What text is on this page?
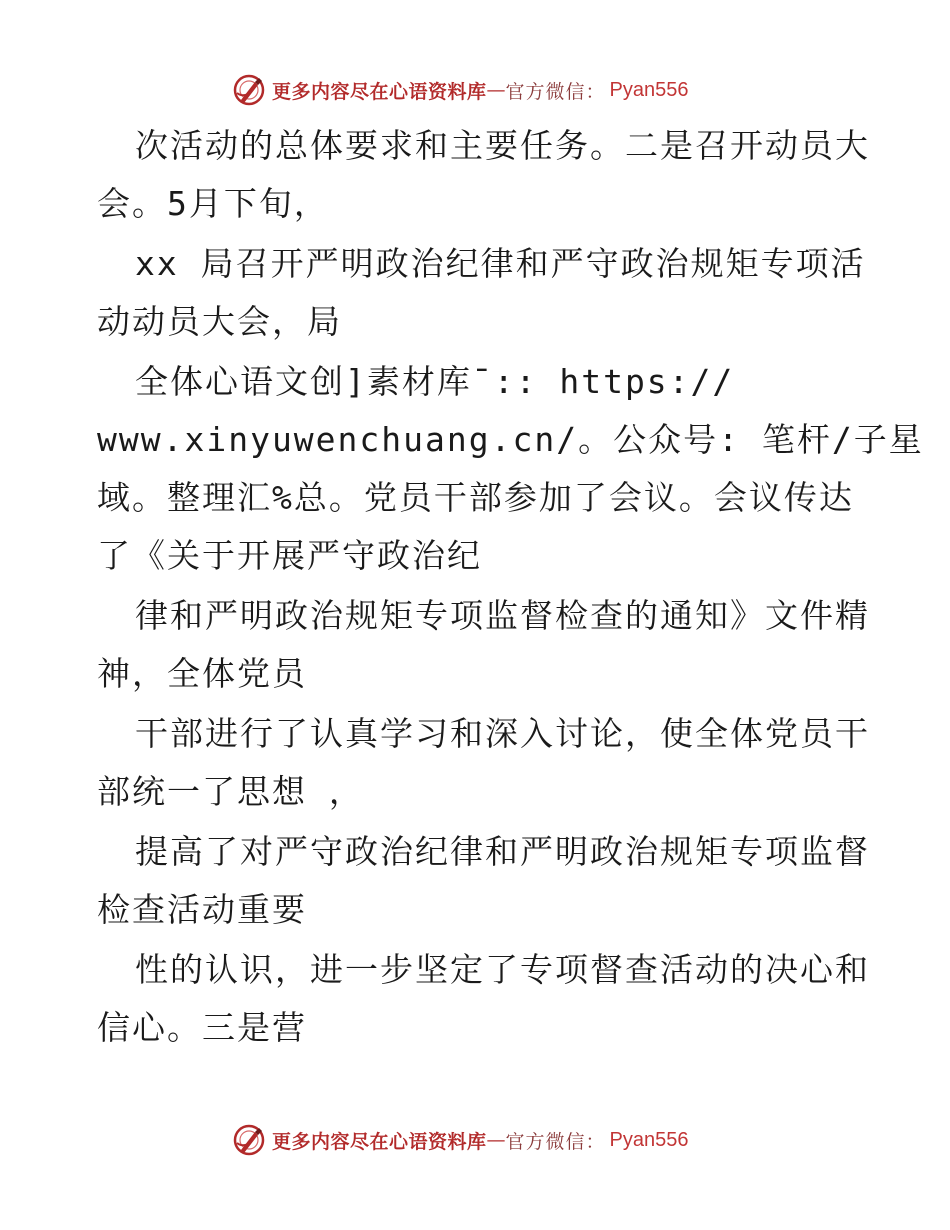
更多内容尽在心语资料库 — 官方微信： Pyan556
次活动的总体要求和主要任务。二是召开动员大
会。5月下旬，
xx 局召开严明政治纪律和严守政治规矩专项活
动动员大会，局
全体心语文创]素材库¯:: https://
www.xinyuwenchuang.cn/。公众号: 笔杆/子星
域。整理汇%总。党员干部参加了会议。会议传达
了《关于开展严守政治纪
律和严明政治规矩专项监督检查的通知》文件精
神，全体党员
干部进行了认真学习和深入讨论，使全体党员干
部统一了思想 ，
提高了对严守政治纪律和严明政治规矩专项监督
检查活动重要
性的认识，进一步坚定了专项督查活动的决心和
信心。三是营
更多内容尽在心语资料库 — 官方微信： Pyan556
